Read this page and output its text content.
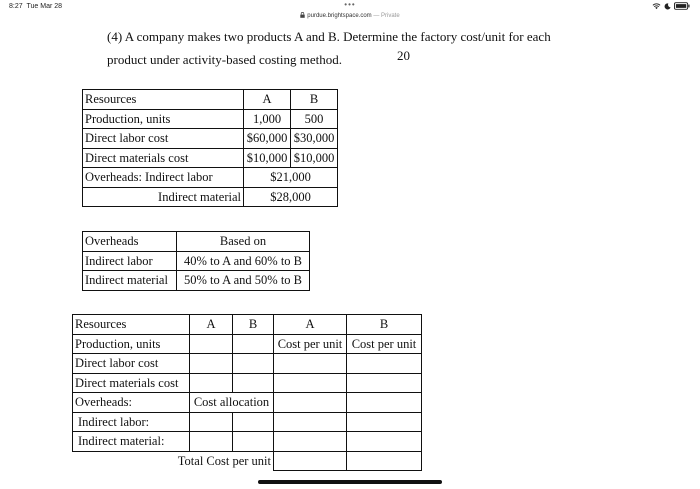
8:27 Tue Mar 28	•••
purdue.brightspace.com — Private
(4) A company makes two products A and B. Determine the factory cost/unit for each
product under activity-based costing method.	20
Resources	A	B
Production, units	1,000	500
Direct labor cost	$60,000	$30,000
Direct materials cost	$10,000	$10,000
Overheads: Indirect labor	$21,000	
Indirect material	$28,000	
Overheads	Based on
Indirect labor	40% to A and 60% to B
Indirect material	50% to A and 50% to B
Resources	A	B	A	B
Production, units			Cost per unit	Cost per unit
Direct labor cost				
Direct materials cost				
Overheads:	Cost allocation			
Indirect labor:				
Indirect material:				
Total Cost per unit				
